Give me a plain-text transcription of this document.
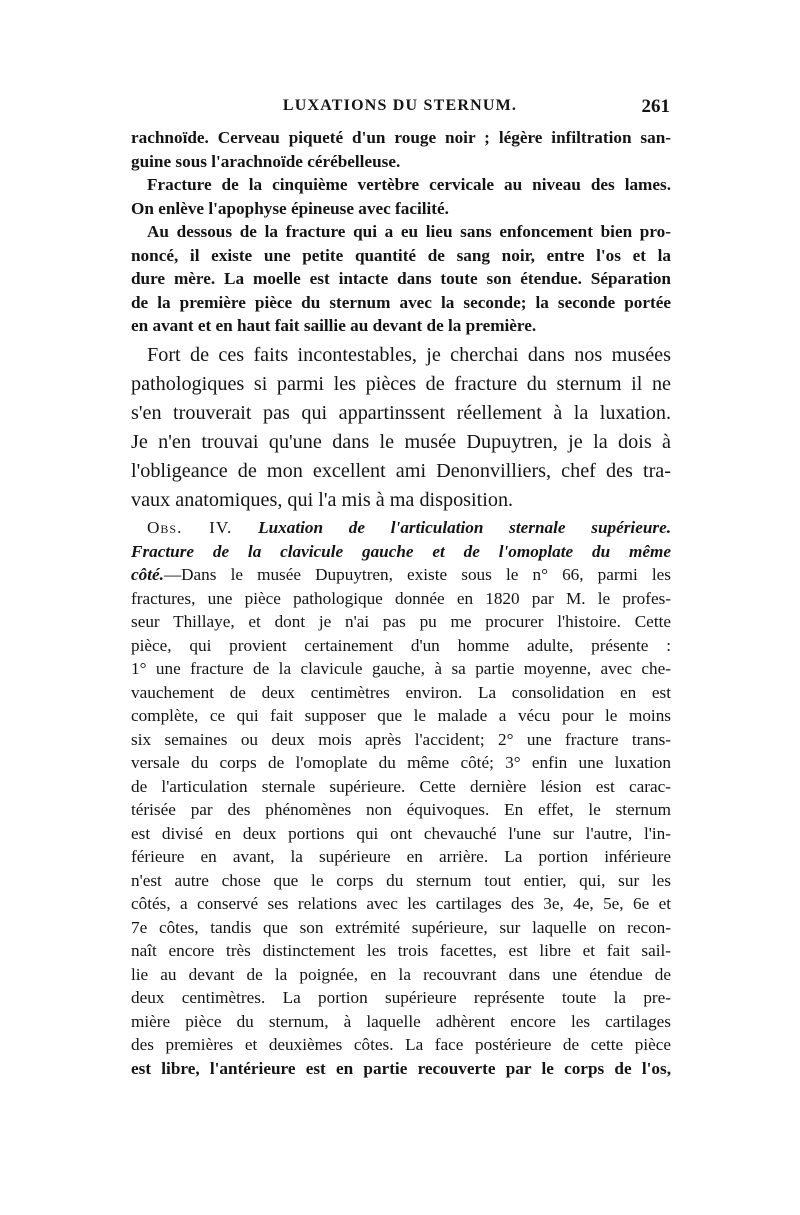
LUXATIONS DU STERNUM.	261
rachnoïde. Cerveau piqueté d'un rouge noir ; légère infiltration san-
guine sous l'arachnoïde cérébelleuse.
Fracture de la cinquième vertèbre cervicale au niveau des lames.
On enlève l'apophyse épineuse avec facilité.
Au dessous de la fracture qui a eu lieu sans enfoncement bien pro-
noncé, il existe une petite quantité de sang noir, entre l'os et la
dure mère. La moelle est intacte dans toute son étendue. Séparation
de la première pièce du sternum avec la seconde; la seconde portée
en avant et en haut fait saillie au devant de la première.
Fort de ces faits incontestables, je cherchai dans nos musées
pathologiques si parmi les pièces de fracture du sternum il ne
s'en trouverait pas qui appartinssent réellement à la luxation.
Je n'en trouvai qu'une dans le musée Dupuytren, je la dois à
l'obligeance de mon excellent ami Denonvilliers, chef des tra-
vaux anatomiques, qui l'a mis à ma disposition.
Obs. IV. Luxation de l'articulation sternale supérieure.
Fracture de la clavicule gauche et de l'omoplate du même
côté.—Dans le musée Dupuytren, existe sous le n° 66, parmi les
fractures, une pièce pathologique donnée en 1820 par M. le profes-
seur Thillaye, et dont je n'ai pas pu me procurer l'histoire. Cette
pièce, qui provient certainement d'un homme adulte, présente :
1° une fracture de la clavicule gauche, à sa partie moyenne, avec che-
vauchement de deux centimètres environ. La consolidation en est
complète, ce qui fait supposer que le malade a vécu pour le moins
six semaines ou deux mois après l'accident; 2° une fracture trans-
versale du corps de l'omoplate du même côté; 3° enfin une luxation
de l'articulation sternale supérieure. Cette dernière lésion est carac-
térisée par des phénomènes non équivoques. En effet, le sternum
est divisé en deux portions qui ont chevauché l'une sur l'autre, l'in-
férieure en avant, la supérieure en arrière. La portion inférieure
n'est autre chose que le corps du sternum tout entier, qui, sur les
côtés, a conservé ses relations avec les cartilages des 3e, 4e, 5e, 6e et
7e côtes, tandis que son extrémité supérieure, sur laquelle on recon-
naît encore très distinctement les trois facettes, est libre et fait sail-
lie au devant de la poignée, en la recouvrant dans une étendue de
deux centimètres. La portion supérieure représente toute la pre-
mière pièce du sternum, à laquelle adhèrent encore les cartilages
des premières et deuxièmes côtes. La face postérieure de cette pièce
est libre, l'antérieure est en partie recouverte par le corps de l'os,
